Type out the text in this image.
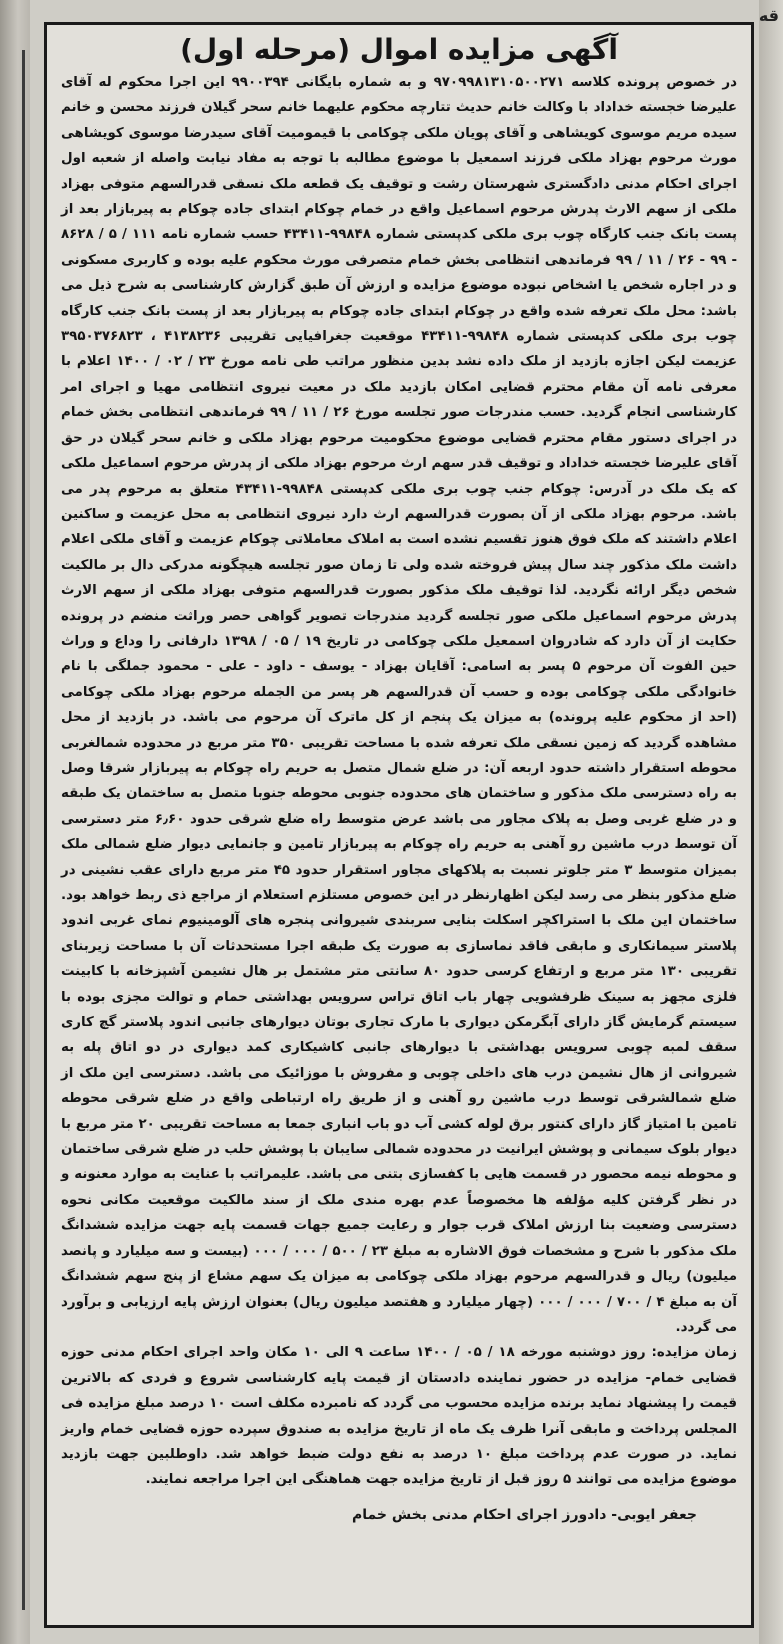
قه
آگهی مزایده اموال (مرحله اول)

در خصوص پرونده کلاسه ۹۷۰۹۹۸۱۳۱۰۵۰۰۲۷۱ و به شماره بایگانی ۹۹۰۰۳۹۴ این اجرا محکوم له آقای علیرضا خجسته خداداد با وکالت خانم حدیث تتارچه محکوم علیهما خانم سحر گیلان فرزند محسن و خانم سیده مریم موسوی کویشاهی و آقای پویان ملکی چوکامی با قیمومیت آقای سیدرضا موسوی کویشاهی مورث مرحوم بهزاد ملکی فرزند اسمعیل با موضوع مطالبه با توجه به مفاد نیابت واصله از شعبه اول اجرای احکام مدنی دادگستری شهرستان رشت و توقیف یک قطعه ملک نسقی قدرالسهم متوفی بهزاد ملکی از سهم الارث پدرش مرحوم اسماعیل واقع در خمام چوکام ابتدای جاده چوکام به پیربازار بعد از پست بانک جنب کارگاه چوب بری ملکی کدپستی شماره ۹۹۸۴۸-۴۳۴۱۱ حسب شماره نامه ۱۱۱ / ۵ / ۸۶۲۸ - ۹۹ - ۲۶ / ۱۱ / ۹۹ فرماندهی انتظامی بخش خمام متصرفی مورث محکوم علیه بوده و کاربری مسکونی و در اجاره شخص یا اشخاص نبوده موضوع مزایده و ارزش آن طبق گزارش کارشناسی به شرح ذیل می باشد: محل ملک تعرفه شده واقع در چوکام ابتدای جاده چوکام به پیربازار بعد از پست بانک جنب کارگاه چوب بری ملکی کدپستی شماره ۹۹۸۴۸-۴۳۴۱۱ موقعیت جغرافیایی تقریبی ۴۱۳۸۲۳۶ ، ۳۹۵۰۳۷۶۸۲۳ عزیمت لیکن اجازه بازدید از ملک داده نشد بدین منظور مراتب طی نامه مورخ ۲۳ / ۰۲ / ۱۴۰۰ اعلام با معرفی نامه آن مقام محترم قضایی امکان بازدید ملک در معیت نیروی انتظامی مهیا و اجرای امر کارشناسی انجام گردید. حسب مندرجات صور تجلسه مورخ ۲۶ / ۱۱ / ۹۹ فرماندهی انتظامی بخش خمام در اجرای دستور مقام محترم قضایی موضوع محکومیت مرحوم بهزاد ملکی و خانم سحر گیلان در حق آقای علیرضا خجسته خداداد و توقیف قدر سهم ارث مرحوم بهزاد ملکی از پدرش مرحوم اسماعیل ملکی که یک ملک در آدرس: چوکام جنب چوب بری ملکی کدپستی ۹۹۸۴۸-۴۳۴۱۱ متعلق به مرحوم پدر می باشد. مرحوم بهزاد ملکی از آن بصورت قدرالسهم ارث دارد نیروی انتظامی به محل عزیمت و ساکنین اعلام داشتند که ملک فوق هنوز تقسیم نشده است به املاک معاملاتی چوکام عزیمت و آقای ملکی اعلام داشت ملک مذکور چند سال پیش فروخته شده ولی تا زمان صور تجلسه هیچگونه مدرکی دال بر مالکیت شخص دیگر ارائه نگردید. لذا توقیف ملک مذکور بصورت قدرالسهم متوفی بهزاد ملکی از سهم الارث پدرش مرحوم اسماعیل ملکی صور تجلسه گردید مندرجات تصویر گواهی حصر وراثت منضم در پرونده حکایت از آن دارد که شادروان اسمعیل ملکی چوکامی در تاریخ ۱۹ / ۰۵ / ۱۳۹۸ دارفانی را وداع و وراث حین الفوت آن مرحوم ۵ پسر به اسامی: آقایان بهزاد - یوسف - داود - علی - محمود جملگی با نام خانوادگی ملکی چوکامی بوده و حسب آن قدرالسهم هر پسر من الجمله مرحوم بهزاد ملکی چوکامی (احد از محکوم علیه پرونده) به میزان یک پنجم از کل ماترک آن مرحوم می باشد. در بازدید از محل مشاهده گردید که زمین نسقی ملک تعرفه شده با مساحت تقریبی ۳۵۰ متر مربع در محدوده شمالغربی محوطه استقرار داشته حدود اربعه آن: در ضلع شمال متصل به حریم راه چوکام به پیربازار شرقا وصل به راه دسترسی ملک مذکور و ساختمان های محدوده جنوبی محوطه جنوبا متصل به ساختمان یک طبقه و در ضلع غربی وصل به پلاک مجاور می باشد عرض متوسط راه ضلع شرقی حدود ۶٫۶۰ متر دسترسی آن توسط درب ماشین رو آهنی به حریم راه چوکام به پیربازار تامین و جانمایی دیوار ضلع شمالی ملک بمیزان متوسط ۳ متر جلوتر نسبت به پلاکهای مجاور استقرار حدود ۴۵ متر مربع دارای عقب نشینی در ضلع مذکور بنظر می رسد لیکن اظهارنظر در این خصوص مستلزم استعلام از مراجع ذی ربط خواهد بود. ساختمان این ملک با استراکچر اسکلت بنایی سربندی شیروانی پنجره های آلومینیوم نمای غربی اندود پلاستر سیمانکاری و مابقی فاقد نماسازی به صورت یک طبقه اجرا مستحدثات آن با مساحت زیربنای تقریبی ۱۳۰ متر مربع و ارتفاع کرسی حدود ۸۰ سانتی متر مشتمل بر هال نشیمن آشپزخانه با کابینت فلزی مجهز به سینک ظرفشویی چهار باب اتاق تراس سرویس بهداشتی حمام و توالت مجزی بوده با سیستم گرمایش گاز دارای آبگرمکن دیواری با مارک تجاری بوتان دیوارهای جانبی اندود پلاستر گچ کاری سقف لمبه چوبی سرویس بهداشتی با دیوارهای جانبی کاشیکاری کمد دیواری در دو اتاق پله به شیروانی از هال نشیمن درب های داخلی چوبی و مفروش با موزائیک می باشد. دسترسی این ملک از ضلع شمالشرقی توسط درب ماشین رو آهنی و از طریق راه ارتباطی واقع در ضلع شرقی محوطه تامین با امتیاز گاز دارای کنتور برق لوله کشی آب دو باب انباری جمعا به مساحت تقریبی ۲۰ متر مربع با دیوار بلوک سیمانی و پوشش ایرانیت در محدوده شمالی سایبان با پوشش حلب در ضلع شرقی ساختمان و محوطه نیمه محصور در قسمت هایی با کفسازی بتنی می باشد. علیمراتب با عنایت به موارد معنونه و در نظر گرفتن کلیه مؤلفه ها مخصوصاً عدم بهره مندی ملک از سند مالکیت موقعیت مکانی نحوه دسترسی وضعیت بنا ارزش املاک قرب جوار و رعایت جمیع جهات قسمت پایه جهت مزایده ششدانگ ملک مذکور با شرح و مشخصات فوق الاشاره به مبلغ ۲۳ / ۵۰۰ / ۰۰۰ / ۰۰۰ (بیست و سه میلیارد و پانصد میلیون) ریال و قدرالسهم مرحوم بهزاد ملکی چوکامی به میزان یک سهم مشاع از پنج سهم ششدانگ آن به مبلغ ۴ / ۷۰۰ / ۰۰۰ / ۰۰۰ (چهار میلیارد و هفتصد میلیون ریال) بعنوان ارزش پایه ارزیابی و برآورد می گردد.

زمان مزایده: روز دوشنبه مورخه ۱۸ / ۰۵ / ۱۴۰۰ ساعت ۹ الی ۱۰ مکان واحد اجرای احکام مدنی حوزه قضایی خمام- مزایده در حضور نماینده دادستان از قیمت پایه کارشناسی شروع و فردی که بالاترین قیمت را پیشنهاد نماید برنده مزایده محسوب می گردد که نامبرده مکلف است ۱۰ درصد مبلغ مزایده فی المجلس پرداخت و مابقی آنرا ظرف یک ماه از تاریخ مزایده به صندوق سپرده حوزه قضایی خمام واریز نماید. در صورت عدم پرداخت مبلغ ۱۰ درصد به نفع دولت ضبط خواهد شد. داوطلبین جهت بازدید موضوع مزایده می توانند ۵ روز قبل از تاریخ مزایده جهت هماهنگی این اجرا مراجعه نمایند.

جعفر ایوبی- دادورز اجرای احکام مدنی بخش خمام
